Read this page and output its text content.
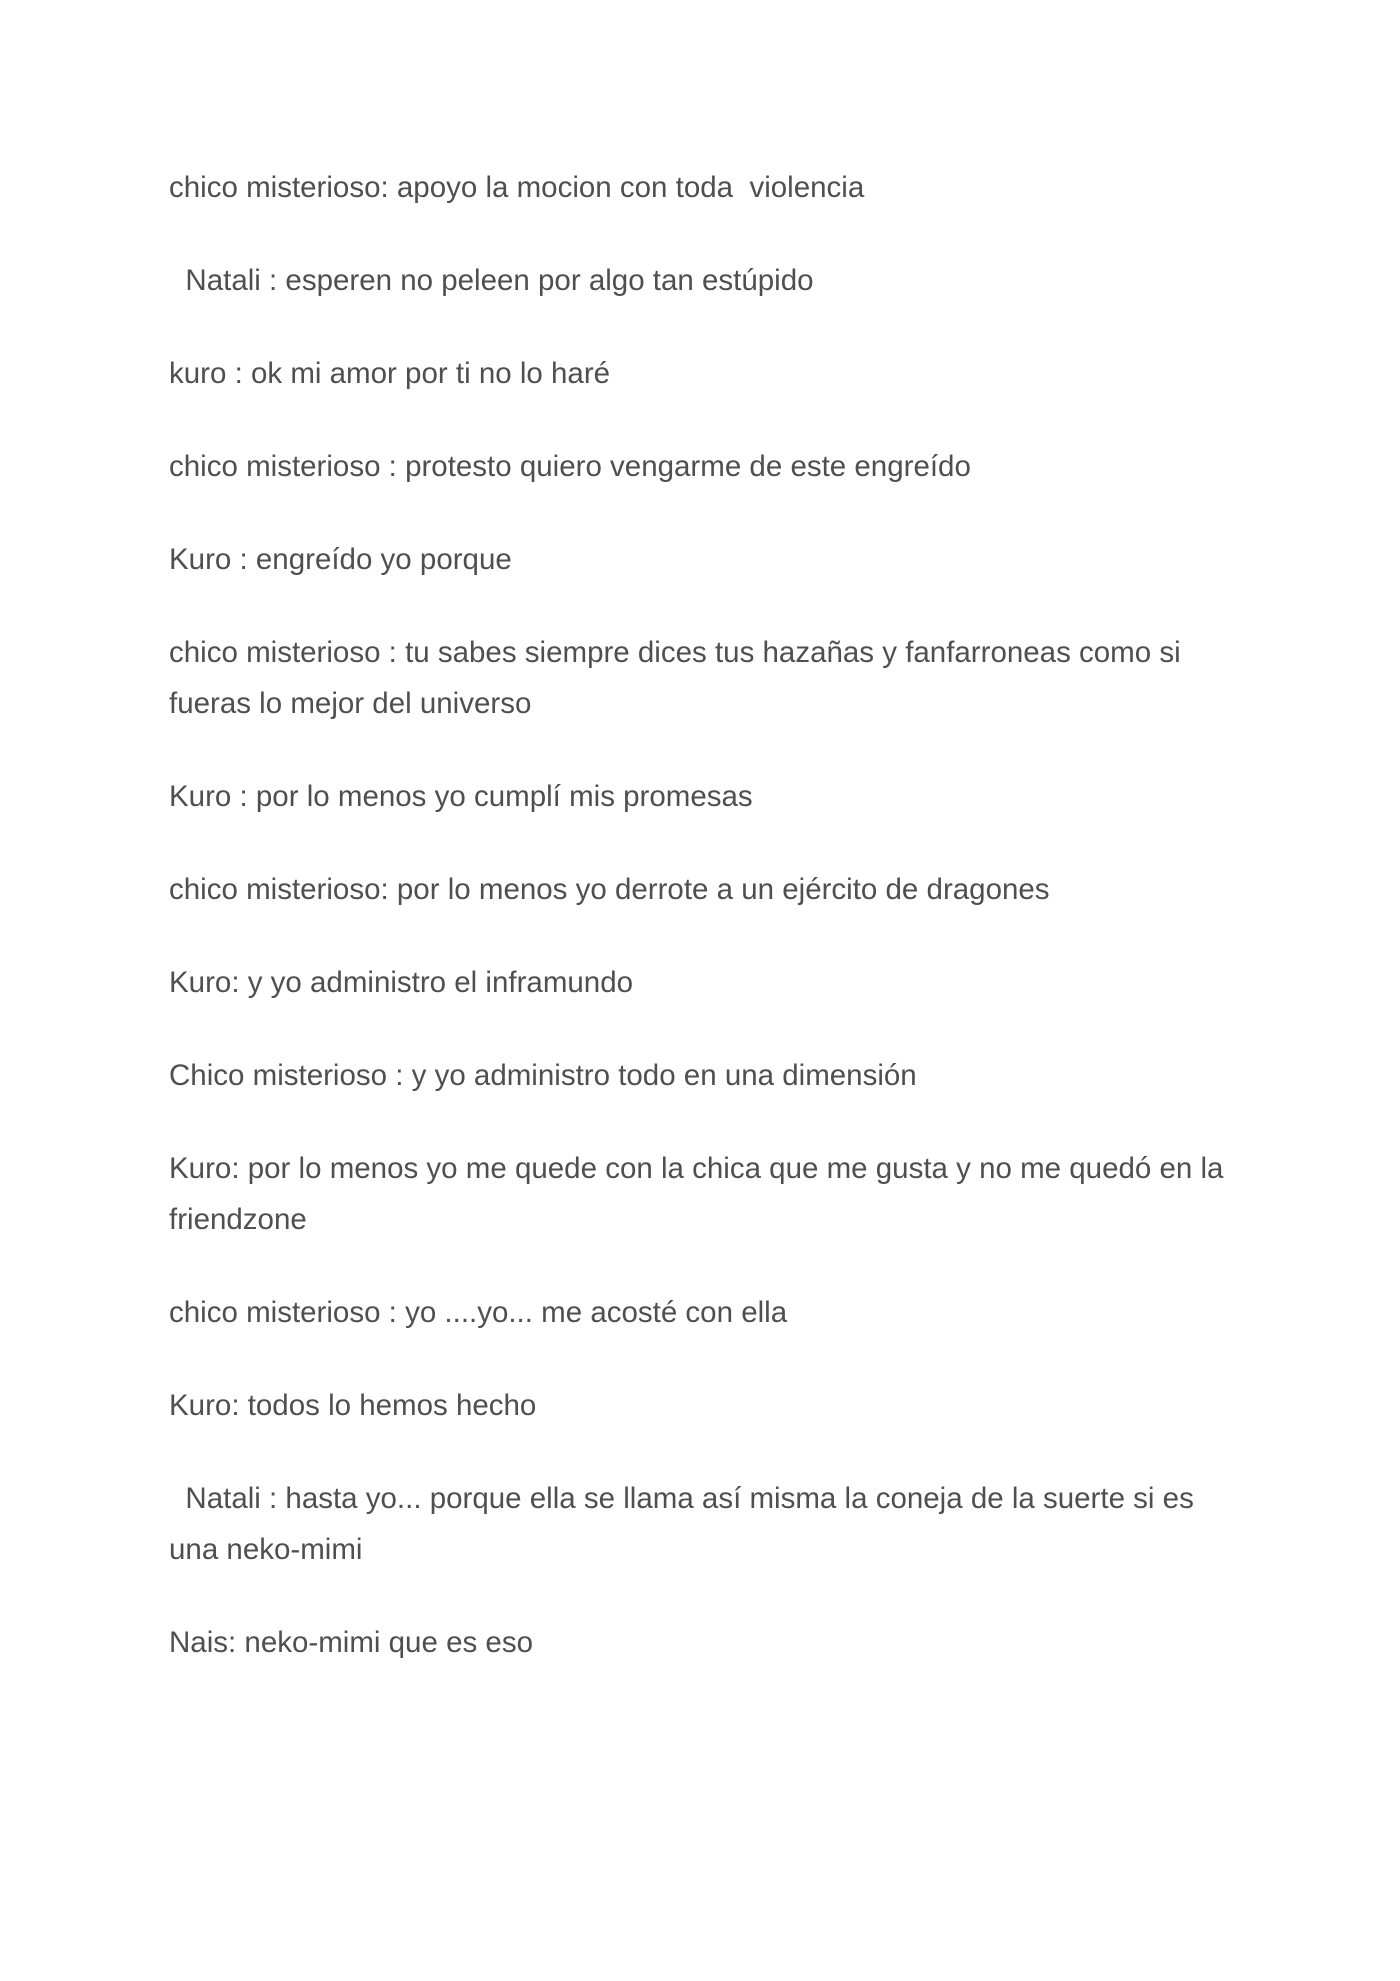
chico misterioso: apoyo la mocion con toda  violencia

Natali : esperen no peleen por algo tan estúpido

kuro : ok mi amor por ti no lo haré

chico misterioso : protesto quiero vengarme de este engreído

Kuro : engreído yo porque

chico misterioso : tu sabes siempre dices tus hazañas y fanfarroneas como si fueras lo mejor del universo

Kuro : por lo menos yo cumplí mis promesas

chico misterioso: por lo menos yo derrote a un ejército de dragones

Kuro: y yo administro el inframundo

Chico misterioso : y yo administro todo en una dimensión

Kuro: por lo menos yo me quede con la chica que me gusta y no me quedó en la friendzone

chico misterioso : yo ....yo... me acosté con ella

Kuro: todos lo hemos hecho

Natali : hasta yo... porque ella se llama así misma la coneja de la suerte si es una neko-mimi

Nais: neko-mimi que es eso
